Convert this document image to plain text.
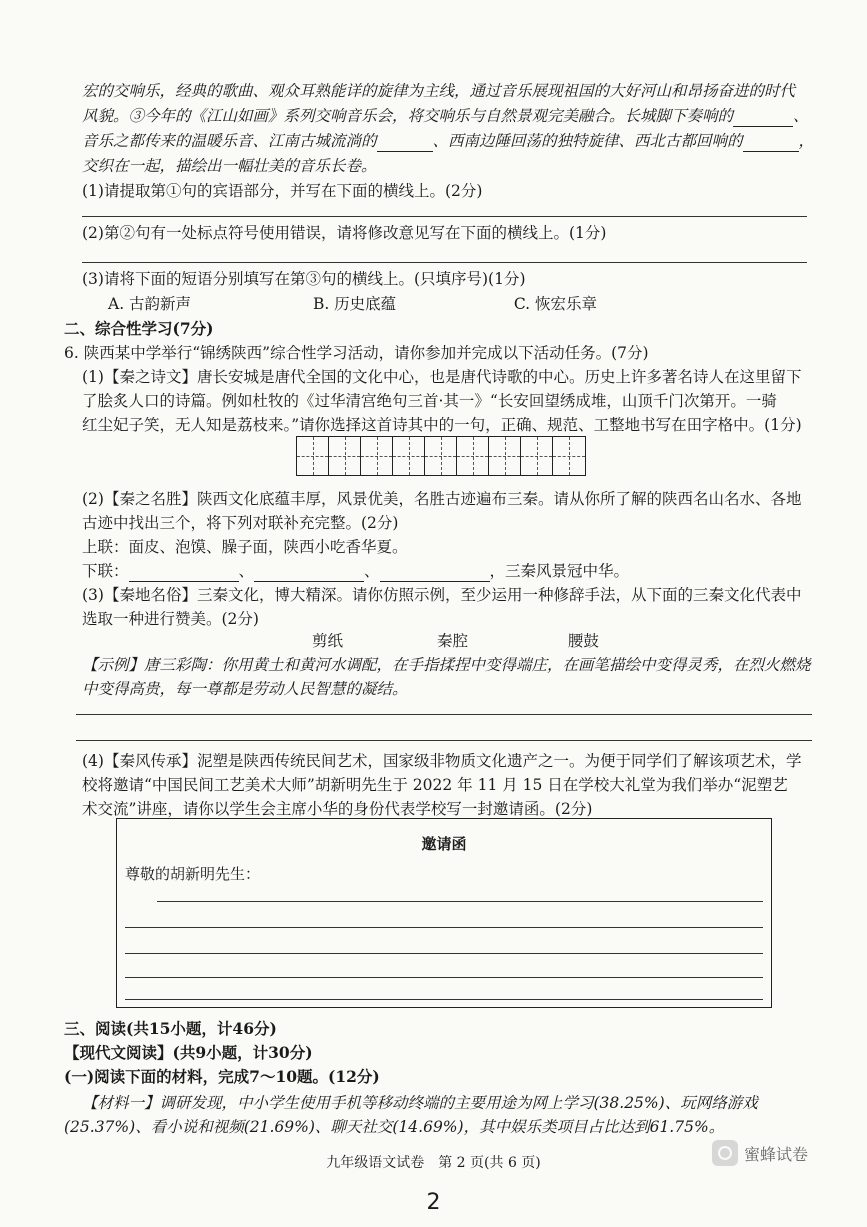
宏的交响乐，经典的歌曲、观众耳熟能详的旋律为主线，通过音乐展现祖国的大好河山和昂扬奋进的时代
风貌。③今年的《江山如画》系列交响音乐会，将交响乐与自然景观完美融合。长城脚下奏响的	、
音乐之都传来的温暖乐音、江南古城流淌的	、西南边陲回荡的独特旋律、西北古都回响的	，
交织在一起，描绘出一幅壮美的音乐长卷。
(1)请提取第①句的宾语部分，并写在下面的横线上。(2分)
(2)第②句有一处标点符号使用错误，请将修改意见写在下面的横线上。(1分)
(3)请将下面的短语分别填写在第③句的横线上。(只填序号)(1分)
A. 古韵新声	B. 历史底蕴	C. 恢宏乐章
二、综合性学习(7分)
6. 陕西某中学举行“锦绣陕西”综合性学习活动，请你参加并完成以下活动任务。(7分)
(1)【秦之诗文】唐长安城是唐代全国的文化中心，也是唐代诗歌的中心。历史上许多著名诗人在这里留下
了脍炙人口的诗篇。例如杜牧的《过华清宫绝句三首·其一》“长安回望绣成堆，山顶千门次第开。一骑
红尘妃子笑，无人知是荔枝来。”请你选择这首诗其中的一句，正确、规范、工整地书写在田字格中。(1分)
(2)【秦之名胜】陕西文化底蕴丰厚，风景优美，名胜古迹遍布三秦。请从你所了解的陕西名山名水、各地
古迹中找出三个，将下列对联补充完整。(2分)
上联：面皮、泡馍、臊子面，陕西小吃香华夏。
下联：	、	、	，三秦风景冠中华。
(3)【秦地名俗】三秦文化，博大精深。请你仿照示例，至少运用一种修辞手法，从下面的三秦文化代表中
选取一种进行赞美。(2分)
剪纸	秦腔	腰鼓
【示例】唐三彩陶：你用黄土和黄河水调配，在手指揉捏中变得端庄，在画笔描绘中变得灵秀，在烈火燃烧
中变得高贵，每一尊都是劳动人民智慧的凝结。
(4)【秦风传承】泥塑是陕西传统民间艺术，国家级非物质文化遗产之一。为便于同学们了解该项艺术，学
校将邀请“中国民间工艺美术大师”胡新明先生于 2022 年 11 月 15 日在学校大礼堂为我们举办“泥塑艺
术交流”讲座，请你以学生会主席小华的身份代表学校写一封邀请函。(2分)
邀请函
尊敬的胡新明先生：
三、阅读(共15小题，计46分)
【现代文阅读】(共9小题，计30分)
(一)阅读下面的材料，完成7～10题。(12分)
【材料一】调研发现，中小学生使用手机等移动终端的主要用途为网上学习(38.25%)、玩网络游戏
(25.37%)、看小说和视频(21.69%)、聊天社交(14.69%)，其中娱乐类项目占比达到61.75%。
九年级语文试卷　第 2 页(共 6 页)
2
蜜蜂试卷
